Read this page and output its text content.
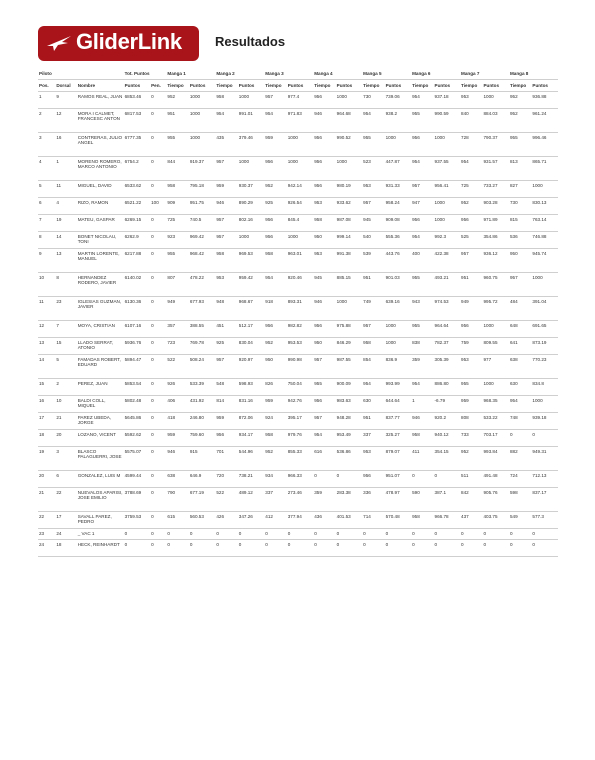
GliderLink	Resultados
Piloto			Tot. Puntos		Manga 1		Manga 2		Manga 3		Manga 4		Manga 5		Manga 6		Manga 7		Manga 8	
Pos.	Dorsal	Nombre	Puntos	Pen.	Tiempo	Puntos	Tiempo	Puntos	Tiempo	Puntos	Tiempo	Puntos	Tiempo	Puntos	Tiempo	Puntos	Tiempo	Puntos	Tiempo	Puntos
1	9	RAMOS REAL, JUAN	6853.46	0	952	1000	958	1000	957	977.4	956	1000	730	739.06	954	937.18	953	1000	952	936.88
2	12	MORA I CALMET, FRANCESC ANTON	6817.53	0	951	1000	954	991.01	954	971.83	946	964.68	954	938.2	955	990.59	840	884.03	952	961.24
3	16	CONTRERAS, JULIO ANGEL	6777.35	0	955	1000	435	379.46	959	1000	956	990.52	955	1000	956	1000	728	790.37	955	996.46
4	1	MORENO ROMERO, MARCO ANTONIO	6754.2	0	844	919.37	957	1000	956	1000	956	1000	523	447.87	954	937.55	954	931.57	813	865.71
5	11	MIGUEL, DAVID	6533.62	0	958	795.18	959	930.37	952	942.14	956	980.19	953	931.33	957	956.41	725	733.27	827	1000
6	4	RIZO, RAMON	6521.22	100	909	951.75	946	890.29	925	926.54	953	933.62	957	958.24	947	1000	952	903.28	730	830.13
7	19	MATEU, GASPAR	6269.15	0	725	740.5	957	802.16	956	845.4	958	987.08	945	909.08	956	1000	956	971.89	815	763.14
8	14	BONET NICOLAU, TONI	6262.9	0	923	969.42	957	1000	956	1000	950	999.14	540	555.36	954	992.3	525	354.86	536	746.88
9	13	MARTIN LORENTE, MANUEL	6217.88	0	955	968.42	958	969.53	958	963.01	953	991.38	539	443.76	400	422.38	957	936.12	950	945.74
10	8	HERNANDEZ RODERO, JAVIER	6140.02	0	807	478.22	953	959.42	954	920.46	945	885.15	951	901.03	955	493.21	951	960.75	957	1000
11	23	IGLESIAS GUZMAN, JAVIER	6130.36	0	949	677.93	948	968.67	918	893.31	946	1000	749	639.16	943	974.53	949	995.72	484	391.04
12	7	MOYA, CRISTIAN	6107.16	0	357	388.55	451	512.17	956	982.82	956	975.88	957	1000	955	964.64	956	1000	648	691.65
13	15	LLADO SERRAT, ATONIO	5936.76	0	723	769.78	925	830.04	952	953.53	950	846.29	958	1000	838	782.37	759	809.55	641	873.19
14	5	FAMADAS ROBERT, EDUARD	5894.47	0	522	508.24	957	920.97	950	990.98	957	987.55	854	836.9	359	305.39	953	977	638	770.23
15	2	PEREZ, JUAN	5853.54	0	926	533.39	548	598.93	826	750.04	955	900.09	954	993.99	954	886.80	955	1000	630	834.8
16	10	BALDI COLL, MIQUEL	5802.48	0	406	431.92	814	831.16	959	942.76	956	983.63	630	644.64	1	-6.79	959	968.35	954	1000
17	21	PAREZ UBEDA, JORGE	5645.86	0	418	246.80	959	872.06	924	395.17	957	948.28	951	837.77	946	920.2	808	533.22	748	939.18
18	20	LOZANO, VICENT	5592.62	0	959	759.60	956	934.17	958	979.76	954	953.49	337	325.27	958	940.12	733	703.17	0	0
19	3	BLASCO PALAGUERRI, JOSE	5575.07	0	946	915	701	544.96	952	855.33	616	536.86	953	879.07	411	354.15	952	993.84	882	949.31
20	6	GONZALEZ, LUIS M	4599.44	0	638	646.9	720	738.21	934	966.33	0	0	956	951.07	0	0	511	491.48	724	712.13
21	22	NUEVALOS APARISI, JOSE EMILIO	3788.69	0	790	677.19	522	489.12	337	273.46	359	283.38	336	478.97	590	387.1	842	905.76	598	837.17
22	17	SAVALL PAREZ, PEDRO	3759.53	0	615	560.53	426	347.26	412	377.94	436	401.53	714	570.48	958	966.78	437	403.75	549	577.3
23	24	_ VAC 1	0	0	0	0	0	0	0	0	0	0	0	0	0	0	0	0	0	0
24	18	HECK, REINHARDT	0	0	0	0	0	0	0	0	0	0	0	0	0	0	0	0	0	0
